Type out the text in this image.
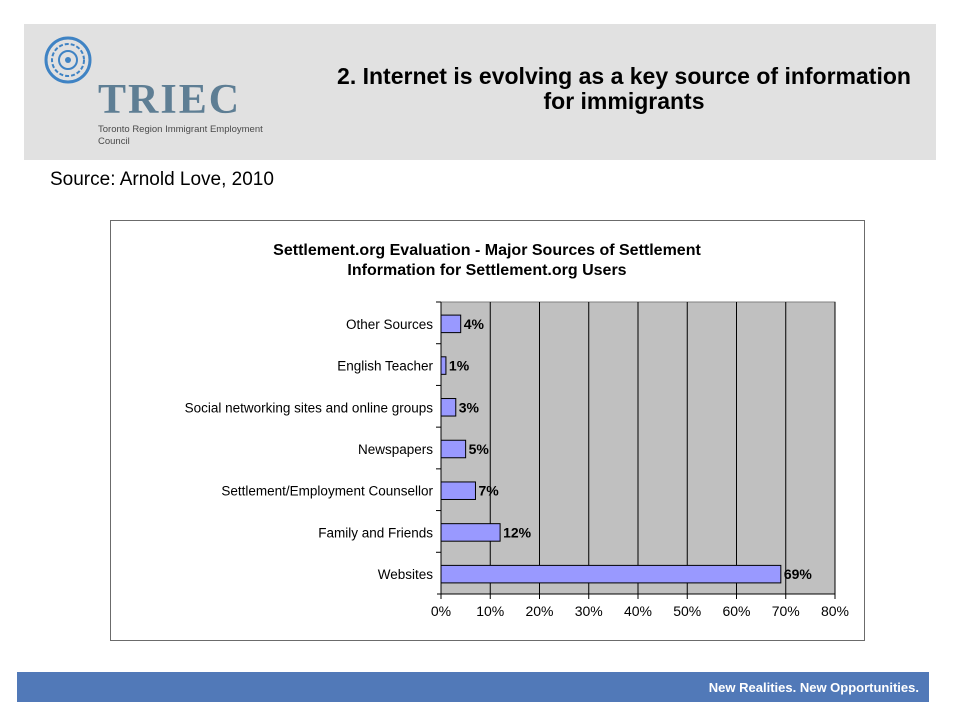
TRIEC
Toronto Region Immigrant Employment Council
2. Internet is evolving as a key source of information for immigrants
Source: Arnold Love, 2010
Settlement.org Evaluation - Major Sources of Settlement Information for Settlement.org Users
0% 10% 20% 30% 40% 50% 60% 70% 80%
Other Sources 4%
English Teacher 1%
Social networking sites and online groups 3%
Newspapers	5%
Settlement/Employment Counsellor	7%
Family and Friends	12%
Websites	69%
New Realities. New Opportunities.
